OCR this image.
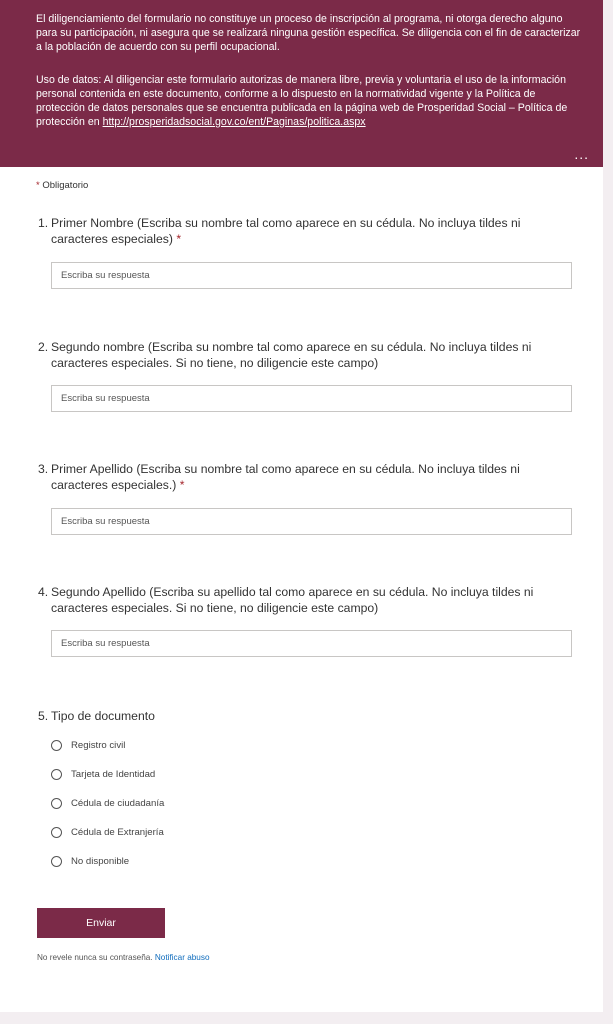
El diligenciamiento del formulario no constituye un proceso de inscripción al programa, ni otorga derecho alguno para su participación, ni asegura que se realizará ninguna gestión específica. Se diligencia con el fin de caracterizar a la población de acuerdo con su perfil ocupacional.
Uso de datos: Al diligenciar este formulario autorizas de manera libre, previa y voluntaria el uso de la información personal contenida en este documento, conforme a lo dispuesto en la normatividad vigente y la Política de protección de datos personales que se encuentra publicada en la página web de Prosperidad Social – Política de protección en http://prosperidadsocial.gov.co/ent/Paginas/politica.aspx
...
* Obligatorio
1. Primer Nombre (Escriba su nombre tal como aparece en su cédula. No incluya tildes ni caracteres especiales) *
Escriba su respuesta
2. Segundo nombre (Escriba su nombre tal como aparece en su cédula. No incluya tildes ni caracteres especiales. Si no tiene, no diligencie este campo)
Escriba su respuesta
3. Primer Apellido (Escriba su nombre tal como aparece en su cédula. No incluya tildes ni caracteres especiales.) *
Escriba su respuesta
4. Segundo Apellido (Escriba su apellido tal como aparece en su cédula. No incluya tildes ni caracteres especiales. Si no tiene, no diligencie este campo)
Escriba su respuesta
5. Tipo de documento
Registro civil
Tarjeta de Identidad
Cédula de ciudadanía
Cédula de Extranjería
No disponible
Enviar
No revele nunca su contraseña. Notificar abuso
